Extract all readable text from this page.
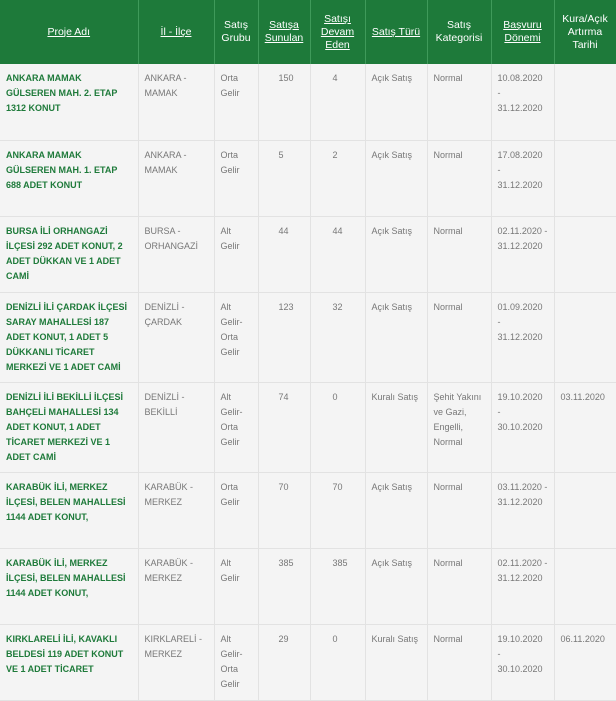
Proje Adı	İl - İlçe	Satış Grubu	Satışa Sunulan	Satışı Devam Eden	Satış Türü	Satış Kategorisi	Başvuru Dönemi	Kura/Açık Artırma Tarihi
ANKARA MAMAK GÜLSEREN MAH. 2. ETAP 1312 KONUT	ANKARA - MAMAK	Orta Gelir	150	4	Açık Satış	Normal	10.08.2020 - 31.12.2020	
ANKARA MAMAK GÜLSEREN MAH. 1. ETAP 688 ADET KONUT	ANKARA - MAMAK	Orta Gelir	5	2	Açık Satış	Normal	17.08.2020 - 31.12.2020	
BURSA İLİ ORHANGAZİ İLÇESİ 292 ADET KONUT, 2 ADET DÜKKAN VE 1 ADET CAMİ	BURSA - ORHANGAZİ	Alt Gelir	44	44	Açık Satış	Normal	02.11.2020 - 31.12.2020	
DENİZLİ İLİ ÇARDAK İLÇESİ SARAY MAHALLESİ 187 ADET KONUT, 1 ADET 5 DÜKKANLI TİCARET MERKEZİ VE 1 ADET CAMİ	DENİZLİ - ÇARDAK	Alt Gelir-Orta Gelir	123	32	Açık Satış	Normal	01.09.2020 - 31.12.2020	
DENİZLİ İLİ BEKİLLİ İLÇESİ BAHÇELİ MAHALLESİ 134 ADET KONUT, 1 ADET TİCARET MERKEZİ VE 1 ADET CAMİ	DENİZLİ - BEKİLLİ	Alt Gelir-Orta Gelir	74	0	Kuralı Satış	Şehit Yakını ve Gazi, Engelli, Normal	19.10.2020 - 30.10.2020	03.11.2020
KARABÜK İLİ, MERKEZ İLÇESİ, BELEN MAHALLESİ 1144 ADET KONUT,	KARABÜK - MERKEZ	Orta Gelir	70	70	Açık Satış	Normal	03.11.2020 - 31.12.2020	
KARABÜK İLİ, MERKEZ İLÇESİ, BELEN MAHALLESİ 1144 ADET KONUT,	KARABÜK - MERKEZ	Alt Gelir	385	385	Açık Satış	Normal	02.11.2020 - 31.12.2020	
KIRKLARELİ İLİ, KAVAKLI BELDESİ 119 ADET KONUT VE 1 ADET TİCARET	KIRKLARELİ - MERKEZ	Alt Gelir-Orta Gelir	29	0	Kuralı Satış	Normal	19.10.2020 - 30.10.2020	06.11.2020
